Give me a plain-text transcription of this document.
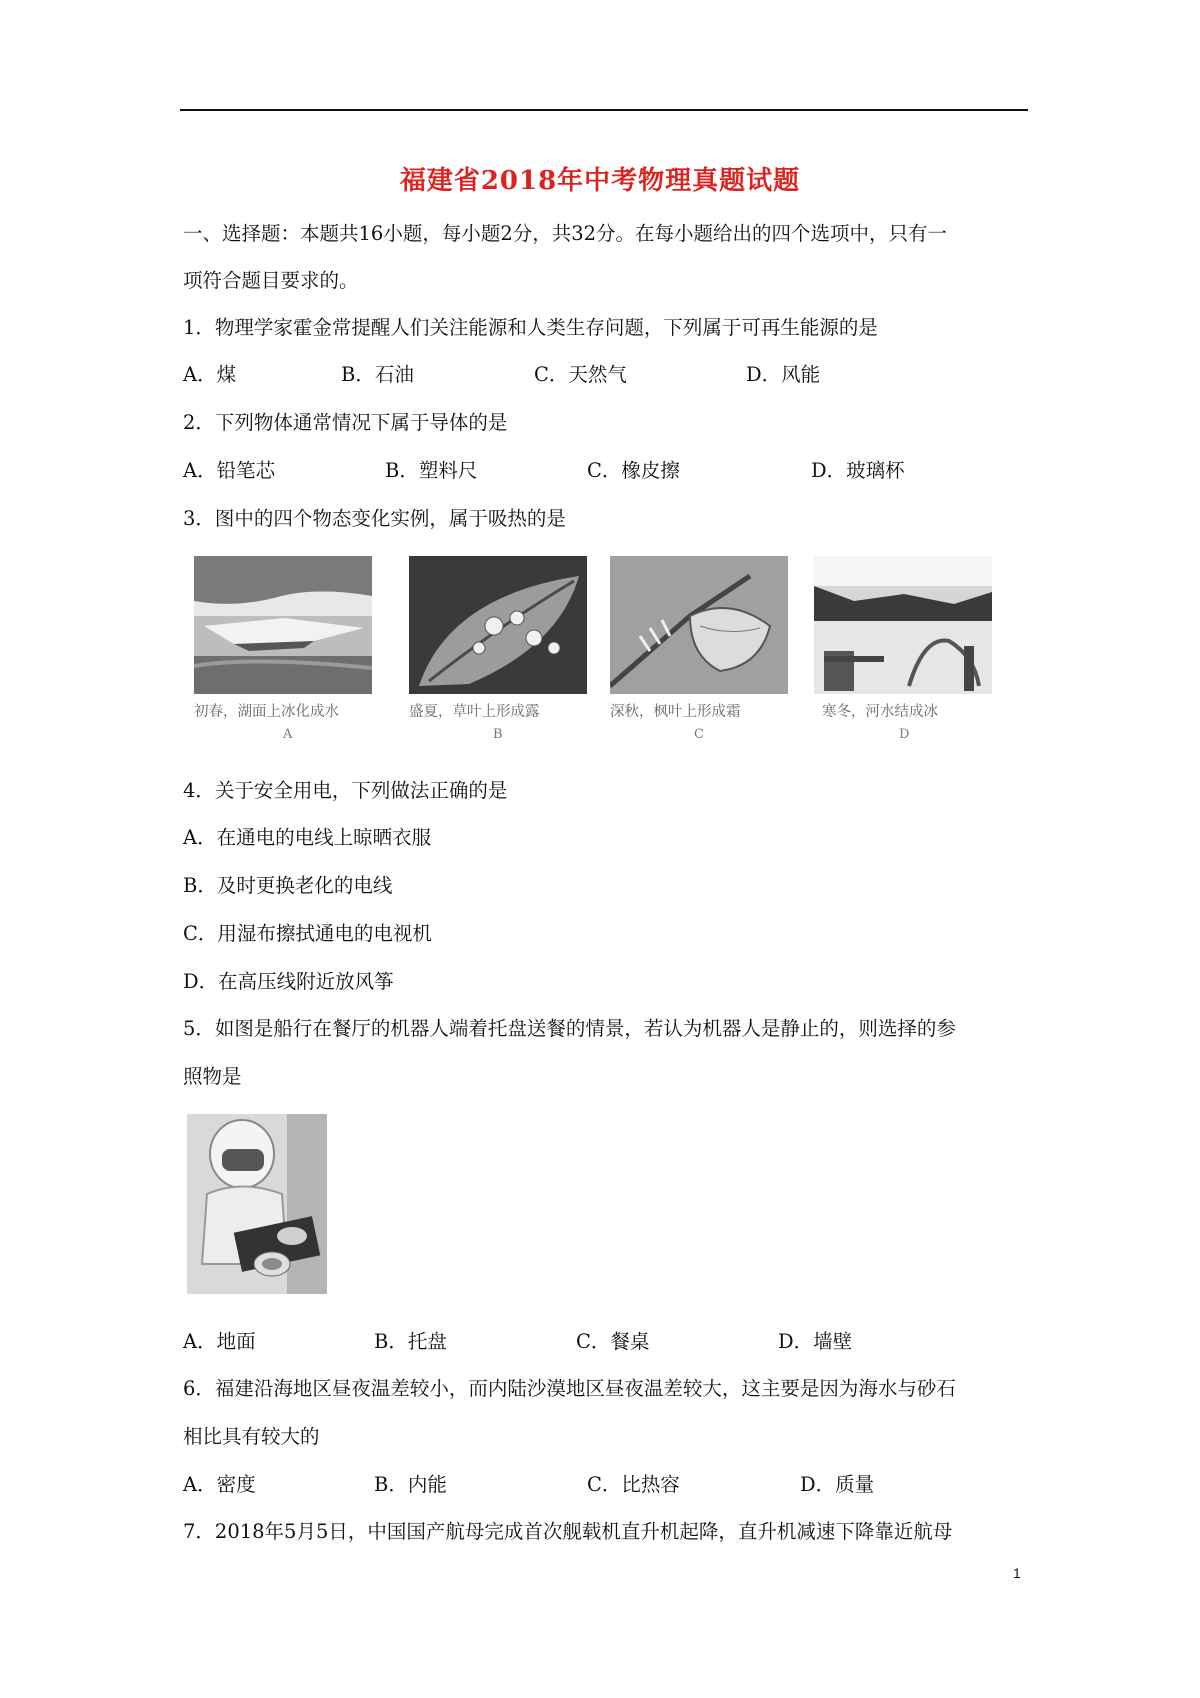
福建省2018年中考物理真题试题
一、选择题：本题共16小题，每小题2分，共32分。在每小题给出的四个选项中，只有一
项符合题目要求的。
1．物理学家霍金常提醒人们关注能源和人类生存问题，下列属于可再生能源的是
A．煤	B．石油	C．天然气	D．风能
2．下列物体通常情况下属于导体的是
A．铅笔芯	B．塑料尺	C．橡皮擦	D．玻璃杯
3．图中的四个物态变化实例，属于吸热的是
初春，湖面上冰化成水
A
盛夏，草叶上形成露
B
深秋，枫叶上形成霜
C
寒冬，河水结成冰
D
4．关于安全用电，下列做法正确的是
A．在通电的电线上晾晒衣服
B．及时更换老化的电线
C．用湿布擦拭通电的电视机
D．在高压线附近放风筝
5．如图是船行在餐厅的机器人端着托盘送餐的情景，若认为机器人是静止的，则选择的参
照物是
A．地面	B．托盘	C．餐桌	D．墙壁
6．福建沿海地区昼夜温差较小，而内陆沙漠地区昼夜温差较大，这主要是因为海水与砂石
相比具有较大的
A．密度	B．内能	C．比热容	D．质量
7．2018年5月5日，中国国产航母完成首次舰载机直升机起降，直升机减速下降靠近航母
1
